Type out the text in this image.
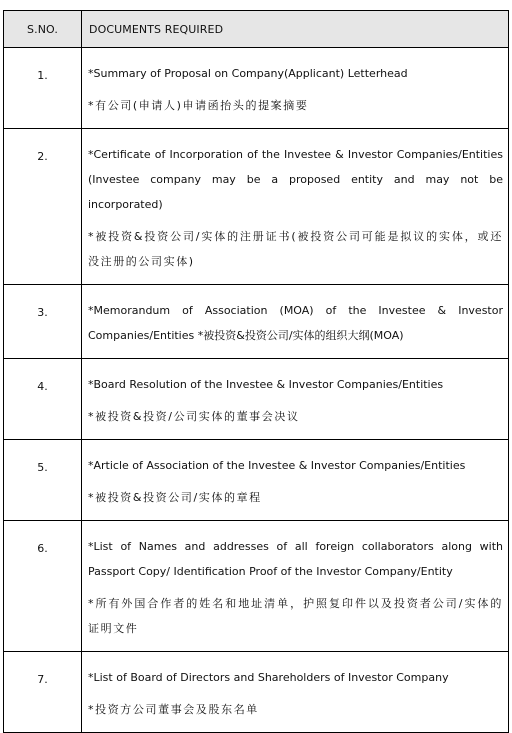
S.NO.	DOCUMENTS REQUIRED
1.	*Summary of Proposal on Company(Applicant) Letterhead
*有公司(申请人)申请函抬头的提案摘要

2.	*Certificate of Incorporation of the Investee & Investor Companies/Entities (Investee company may be a proposed entity and may not be incorporated)
*被投资&投资公司/实体的注册证书(被投资公司可能是拟议的实体，或还没注册的公司实体)

3.	*Memorandum of Association (MOA) of the Investee & Investor Companies/Entities *被投资&投资公司/实体的组织大纲(MOA)

4.	*Board Resolution of the Investee & Investor Companies/Entities
*被投资&投资/公司实体的董事会决议

5.	*Article of Association of the Investee & Investor Companies/Entities
*被投资&投资公司/实体的章程

6.	*List of Names and addresses of all foreign collaborators along with Passport Copy/ Identification Proof of the Investor Company/Entity
*所有外国合作者的姓名和地址清单，护照复印件以及投资者公司/实体的证明文件

7.	*List of Board of Directors and Shareholders of Investor Company
*投资方公司董事会及股东名单
